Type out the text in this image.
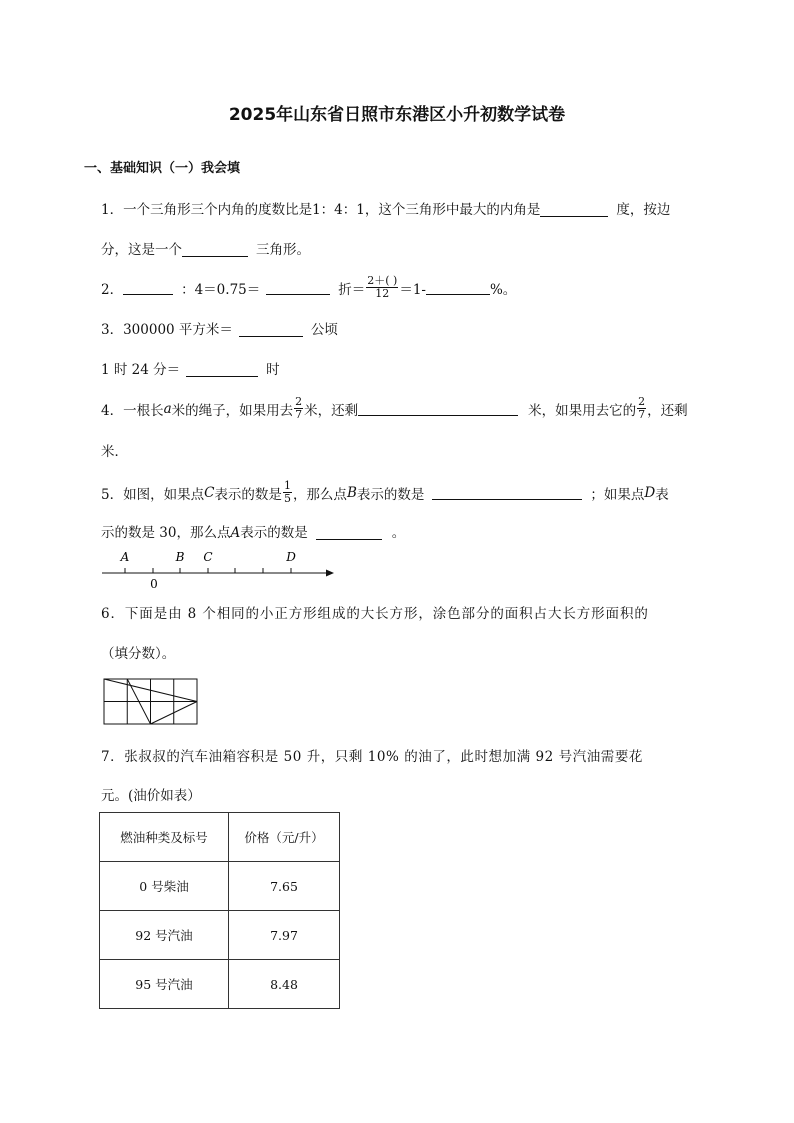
2025年山东省日照市东港区小升初数学试卷
一、基础知识（一）我会填
1．一个三角形三个内角的度数比是1：4：1，这个三角形中最大的内角是	度，按边
分，这是一个	三角形。
2．	：4＝0.75＝	折＝ $\frac{2+( )}{12} =1-$	%。
3．300000 平方米＝	公顷
1 时 24 分＝	时
4．一根长 a 米的绳子，如果用去 $\frac{2}{7}$ 米，还剩	米，如果用去它的 $\frac{2}{7}$ ，还剩
米．
5．如图，如果点 C 表示的数是 $\frac{1}{5}$ ，那么点 B 表示的数是	；如果点 D 表
示的数是 30，那么点A表示的数是	。
A	B C	D
0
6．下面是由 8 个相同的小正方形组成的大长方形，涂色部分的面积占大长方形面积的
（填分数）。
7．张叔叔的汽车油箱容积是 50 升，只剩 10% 的油了，此时想加满 92 号汽油需要花
元。(油价如表）
燃油种类及标号	价格（元/升）
0 号柴油	7.65
92 号汽油	7.97
95 号汽油	8.48
